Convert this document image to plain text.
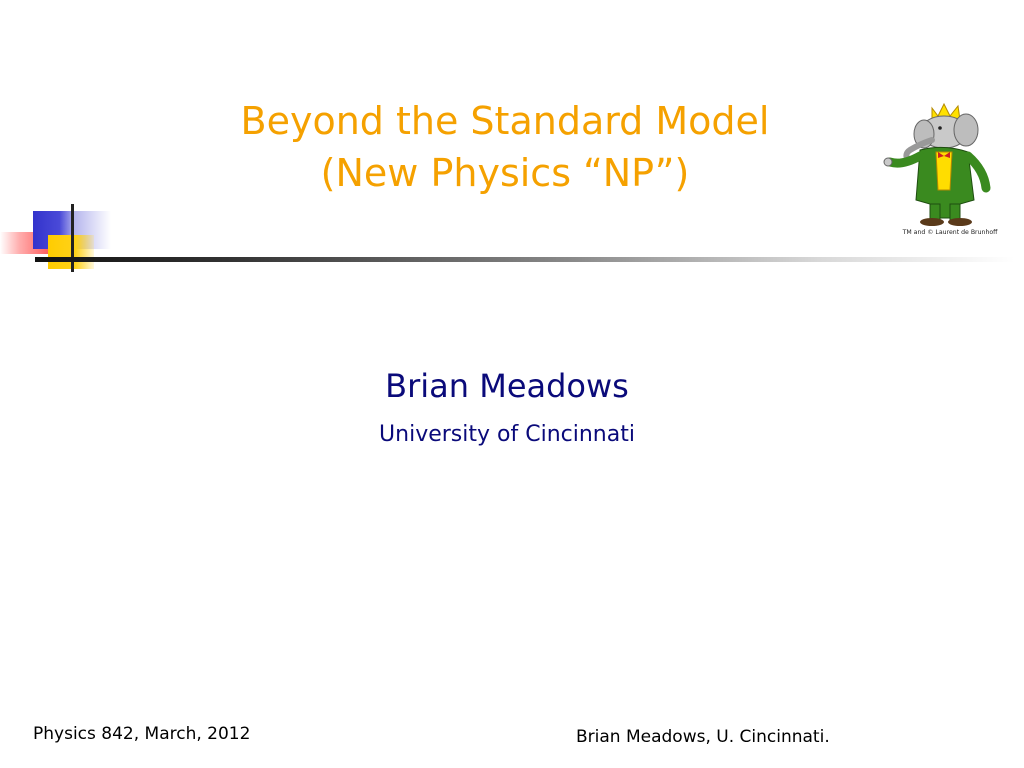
Beyond the Standard Model
(New Physics “NP”)
TM and © Laurent de Brunhoff
Brian Meadows
University of Cincinnati
Physics 842, March, 2012	Brian Meadows, U. Cincinnati.
